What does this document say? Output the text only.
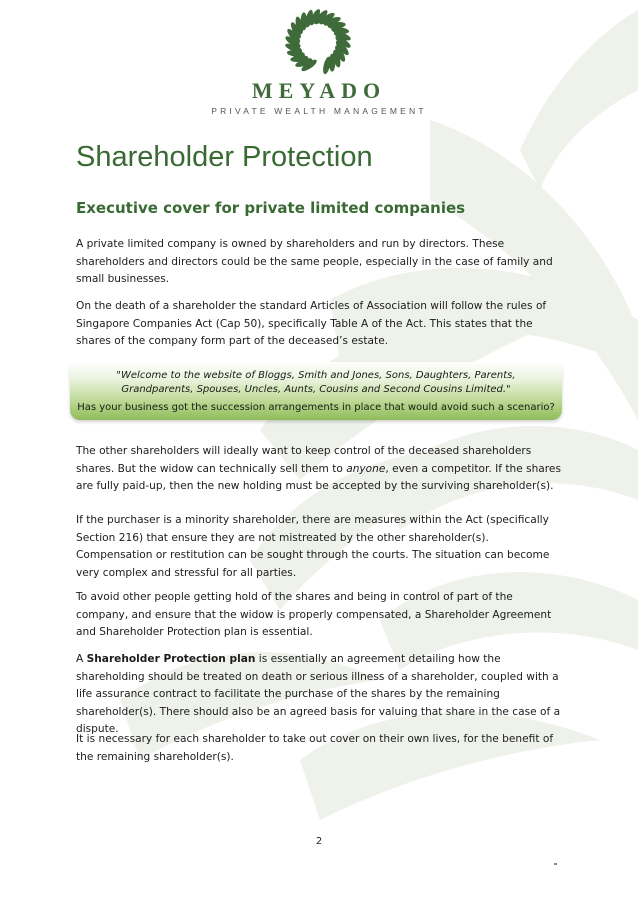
MEYADO
PRIVATE WEALTH MANAGEMENT
Shareholder Protection
Executive cover for private limited companies

A private limited company is owned by shareholders and run by directors. These shareholders and directors could be the same people, especially in the case of family and small businesses.

On the death of a shareholder the standard Articles of Association will follow the rules of Singapore Companies Act (Cap 50), specifically Table A of the Act. This states that the shares of the company form part of the deceased’s estate.

"Welcome to the website of Bloggs, Smith and Jones, Sons, Daughters, Parents, Grandparents, Spouses, Uncles, Aunts, Cousins and Second Cousins Limited."

Has your business got the succession arrangements in place that would avoid such a scenario?

The other shareholders will ideally want to keep control of the deceased shareholders shares. But the widow can technically sell them to anyone, even a competitor. If the shares are fully paid-up, then the new holding must be accepted by the surviving shareholder(s).

If the purchaser is a minority shareholder, there are measures within the Act (specifically Section 216) that ensure they are not mistreated by the other shareholder(s). Compensation or restitution can be sought through the courts. The situation can become very complex and stressful for all parties.

To avoid other people getting hold of the shares and being in control of part of the company, and ensure that the widow is properly compensated, a Shareholder Agreement and Shareholder Protection plan is essential.

A Shareholder Protection plan is essentially an agreement detailing how the shareholding should be treated on death or serious illness of a shareholder, coupled with a life assurance contract to facilitate the purchase of the shares by the remaining shareholder(s). There should also be an agreed basis for valuing that share in the case of a dispute.

It is necessary for each shareholder to take out cover on their own lives, for the benefit of the remaining shareholder(s).

2
